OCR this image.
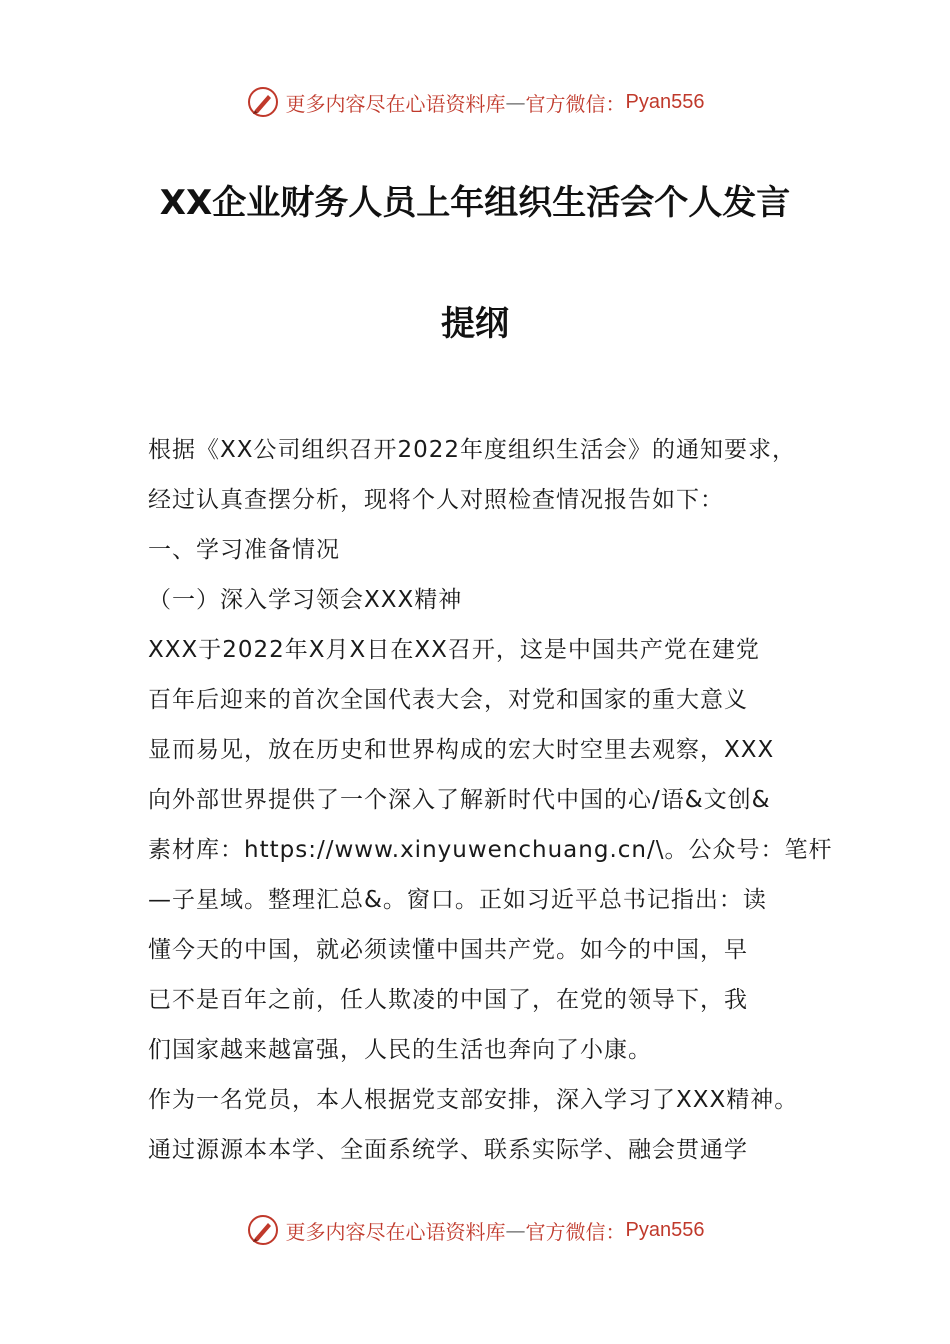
更多内容尽在心语资料库 — 官方微信： Pyan556
XX企业财务人员上年组织生活会个人发言
提纲
根据《XX公司组织召开2022年度组织生活会》的通知要求，
经过认真查摆分析，现将个人对照检查情况报告如下：
一、学习准备情况
（一）深入学习领会XXX精神
XXX于2022年X月X日在XX召开，这是中国共产党在建党
百年后迎来的首次全国代表大会，对党和国家的重大意义
显而易见，放在历史和世界构成的宏大时空里去观察，XXX
向外部世界提供了一个深入了解新时代中国的心/语&文创&
素材库：https://www.xinyuwenchuang.cn/\。公众号：笔杆
—子星域。整理汇总&。窗口。正如习近平总书记指出：读
懂今天的中国，就必须读懂中国共产党。如今的中国，早
已不是百年之前，任人欺凌的中国了，在党的领导下，我
们国家越来越富强，人民的生活也奔向了小康。
作为一名党员，本人根据党支部安排，深入学习了XXX精神。
通过源源本本学、全面系统学、联系实际学、融会贯通学
更多内容尽在心语资料库 — 官方微信： Pyan556
